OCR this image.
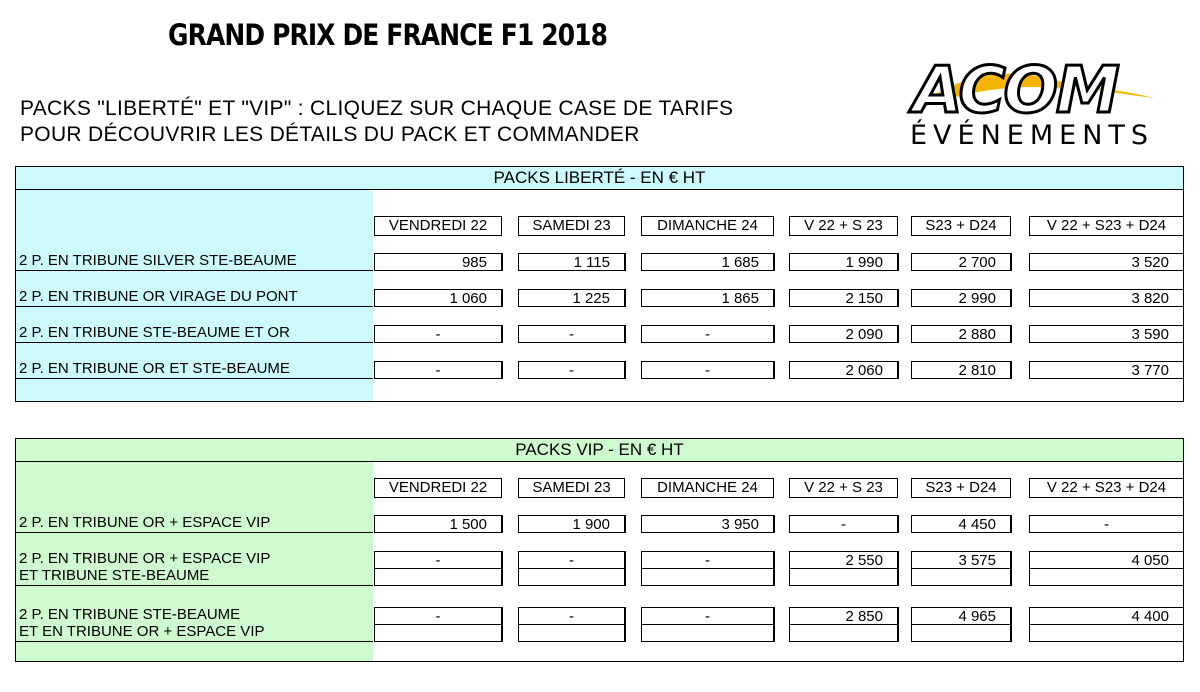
GRAND PRIX DE FRANCE F1 2018
PACKS "LIBERTÉ" ET "VIP" : CLIQUEZ SUR CHAQUE CASE DE TARIFS
POUR DÉCOUVRIR LES DÉTAILS DU PACK ET COMMANDER
ACOM
ÉVÉNEMENTS
PACKS LIBERTÉ - EN € HT
VENDREDI 22	SAMEDI 23	DIMANCHE 24	V 22 + S 23	S23 + D24	V 22 + S23 + D24
2 P. EN TRIBUNE SILVER STE-BEAUME	985	1 115	1 685	1 990	2 700	3 520
2 P. EN TRIBUNE OR VIRAGE DU PONT	1 060	1 225	1 865	2 150	2 990	3 820
2 P. EN TRIBUNE STE-BEAUME ET OR	-	-	-	2 090	2 880	3 590
2 P. EN TRIBUNE OR ET STE-BEAUME	-	-	-	2 060	2 810	3 770
PACKS VIP - EN € HT
VENDREDI 22	SAMEDI 23	DIMANCHE 24	V 22 + S 23	S23 + D24	V 22 + S23 + D24
2 P. EN TRIBUNE OR + ESPACE VIP	1 500	1 900	3 950	-	4 450	-
2 P. EN TRIBUNE OR + ESPACE VIP
ET TRIBUNE STE-BEAUME
-	-	-	2 550	3 575	4 050
2 P. EN TRIBUNE STE-BEAUME
ET EN TRIBUNE OR + ESPACE VIP
-	-	-	2 850	4 965	4 400
